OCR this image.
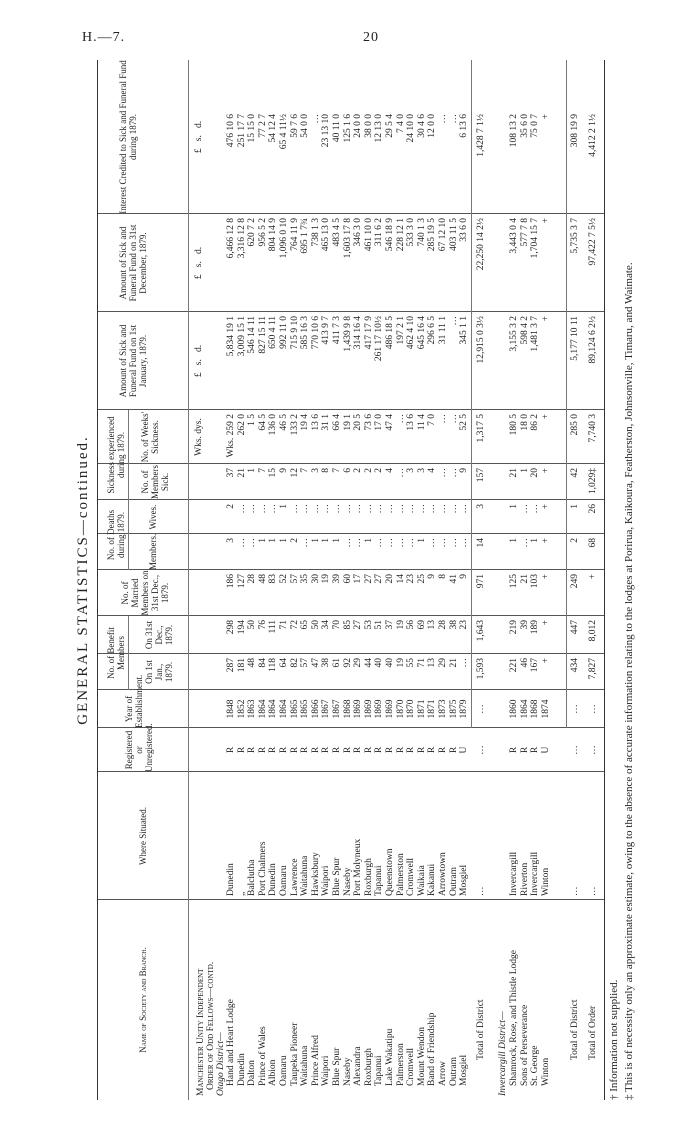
H.—7.	20
GENERAL STATISTICS—continued.
Name of Society and Branch.
Where Situated.
Registered or Unregistered.
Year of Establishment.
No. of Benefit Members
On 1st Jan., 1879.
On 31st Dec., 1879.
No. of Married Members on 31st Dec., 1879.
No. of Deaths during 1879. Members.
Wives.
Sickness experienced during 1879.
No. of Members Sick.
No. of Weeks' Sickness.
Amount of Sick and Funeral Fund on 1st January, 1879.
Amount of Sick and Funeral Fund on 31st December, 1879.
Interest Credited to Sick and Funeral Fund during 1879.
Wks. dys.
£   s.   d.
£   s.   d.
£   s.   d.
Manchester Unity Independent Order of Odd Fellows—contd. Otago District— Hand and Heart Lodge
Dunedin
R
1848
287
298
186
3
2
37
Wks. 259 2
5,834 19 1
6,466 12 8
476 10 6
Dunedin
„
R
1852
181
194
127
…
…
21
262 0
3,009 15 1
3,316 12 8
251 17 7
Dalton
Balclutha
R
1863
48
50
28
…
…
1
1 5
546 14 11
620 7 2
15 15 0
Prince of Wales
Port Chalmers
R
1864
84
76
48
1
…
7
64 5
827 15 11
956 5 2
77 2 7
Albion
Dunedin
R
1864
118
111
83
1
…
15
136 0
650 4 11
804 14 9
54 12 4
Oamaru
Oamaru
R
1864
64
71
52
1
1
9
46 5
992 11 0
1,096 0 10
65 4 11½
Taupeka Pioneer
Lawrence
R
1865
82
72
57
2
…
12
133 2
715 9 10
764 11 9
59 7 6
Waitahuna
Waitahuna
R
1865
57
65
35
…
…
7
19 4
585 16 3
695 1 7¾
54 0 0
Prince Alfred
Hawksbury
R
1866
47
50
30
1
…
3
13 6
770 10 6
738 1 3
…
Waipori
Waipori
R
1867
38
34
19
1
…
8
31 1
413 9 7
465 13 0
23 13 10
Blue Spur
Blue Spur
R
1867
61
70
39
1
…
7
66 4
411 7 3
483 4 5
40 11 0
Naseby
Naseby
R
1868
92
85
60
…
…
6
19 1
1,439 9 8
1,603 17 8
125 1 6
Alexandra
Port Molyneux
R
1869
29
27
17
…
…
2
20 5
314 16 4
346 3 0
24 0 0
Roxburgh
Roxburgh
R
1869
44
53
27
1
…
2
73 6
417 17 9
461 10 0
38 0 0
Tapanui
Tapanui
R
1869
40
51
27
…
…
2
17 0
261 17 10½
311 6 2
12 13 0
Lake Wakatipu
Queenstown
R
1869
40
37
20
…
…
4
47 4
486 18 5
546 18 9
29 5 4
Palmerston
Palmerston
R
1870
19
19
14
…
…
…
…
197 2 1
228 12 1
7 4 0
Cromwell
Cromwell
R
1870
55
56
23
…
…
3
13 6
462 4 10
533 3 0
24 10 0
Mount Wendon
Waikaia
R
1871
71
69
25
1
…
3
11 4
645 16 4
740 1 3
30 4 6
Band of Friendship
Kakanui
R
1871
13
13
9
…
…
4
7 0
296 6 5
285 19 5
12 0 0
Arrow
Arrowtown
R
1873
29
28
8
…
…
…
…
31 11 1
67 12 10
…
Outram
Outram
R
1875
21
38
41
…
…
…
…
…
403 11 5
…
Mosgiel
Mosgiel
U
1879
…
23
9
…
…
9
52 5
345 1 1
33 6 0
6 13 6
Total of District
…
…
…
1,593
1,643
971
14
3
157
1,317 5
12,915 0 3½
22,250 14 2½
1,428 7 1½
Invercargill District— Shamrock, Rose, and Thistle Lodge
Invercargill
R
1860
221
219
125
1
1
21
180 5
3,155 3 2
3,443 0 4
108 13 2
Sons of Perseverance
Riverton
R
1864
46
39
21
…
…
1
18 0
598 4 2
577 7 8
35 6 0
St. George
Invercargill
R
1868
167
189
103
1
…
20
86 2
1,481 3 7
1,704 15 7
75 0 7
Winton
Winton
U
1874
+
+
+
+
+
+
+
+
+
+
Total of District
…
…
…
434
447
249
2
1
42
285 0
5,177 10 11
5,735 3 7
308 19 9
Total of Order
…
…
…
7,827
8,012
+
68
26
1,029‡
7,740 3
89,124 6 2½
97,422 7 5½
4,412 2 1½
† Information not supplied. ‡ This is of necessity only an approximate estimate, owing to the absence of accurate information relating to the lodges at Porirua, Kaikoura, Featherston, Johnsonville, Timaru, and Waimate.
